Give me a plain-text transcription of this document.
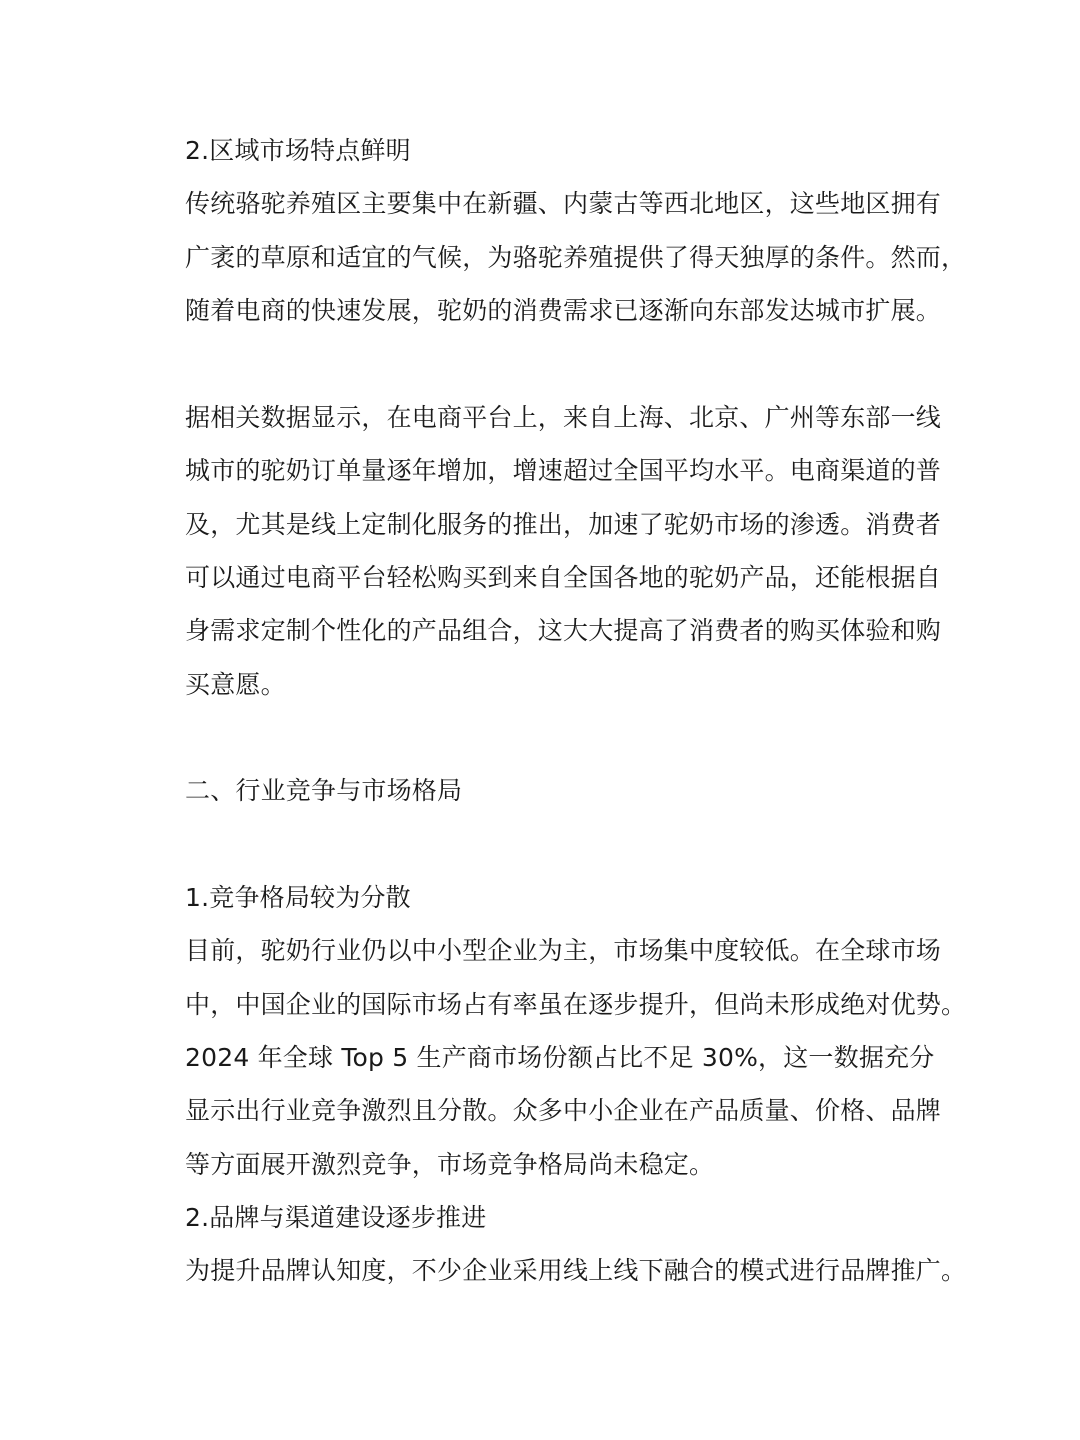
2.区域市场特点鲜明
传统骆驼养殖区主要集中在新疆、内蒙古等西北地区，这些地区拥有
广袤的草原和适宜的气候，为骆驼养殖提供了得天独厚的条件。然而，
随着电商的快速发展，驼奶的消费需求已逐渐向东部发达城市扩展。
据相关数据显示，在电商平台上，来自上海、北京、广州等东部一线
城市的驼奶订单量逐年增加，增速超过全国平均水平。电商渠道的普
及，尤其是线上定制化服务的推出，加速了驼奶市场的渗透。消费者
可以通过电商平台轻松购买到来自全国各地的驼奶产品，还能根据自
身需求定制个性化的产品组合，这大大提高了消费者的购买体验和购
买意愿。
二、行业竞争与市场格局
1.竞争格局较为分散
目前，驼奶行业仍以中小型企业为主，市场集中度较低。在全球市场
中，中国企业的国际市场占有率虽在逐步提升，但尚未形成绝对优势。
2024 年全球 Top 5 生产商市场份额占比不足 30%，这一数据充分
显示出行业竞争激烈且分散。众多中小企业在产品质量、价格、品牌
等方面展开激烈竞争，市场竞争格局尚未稳定。
2.品牌与渠道建设逐步推进
为提升品牌认知度，不少企业采用线上线下融合的模式进行品牌推广。
